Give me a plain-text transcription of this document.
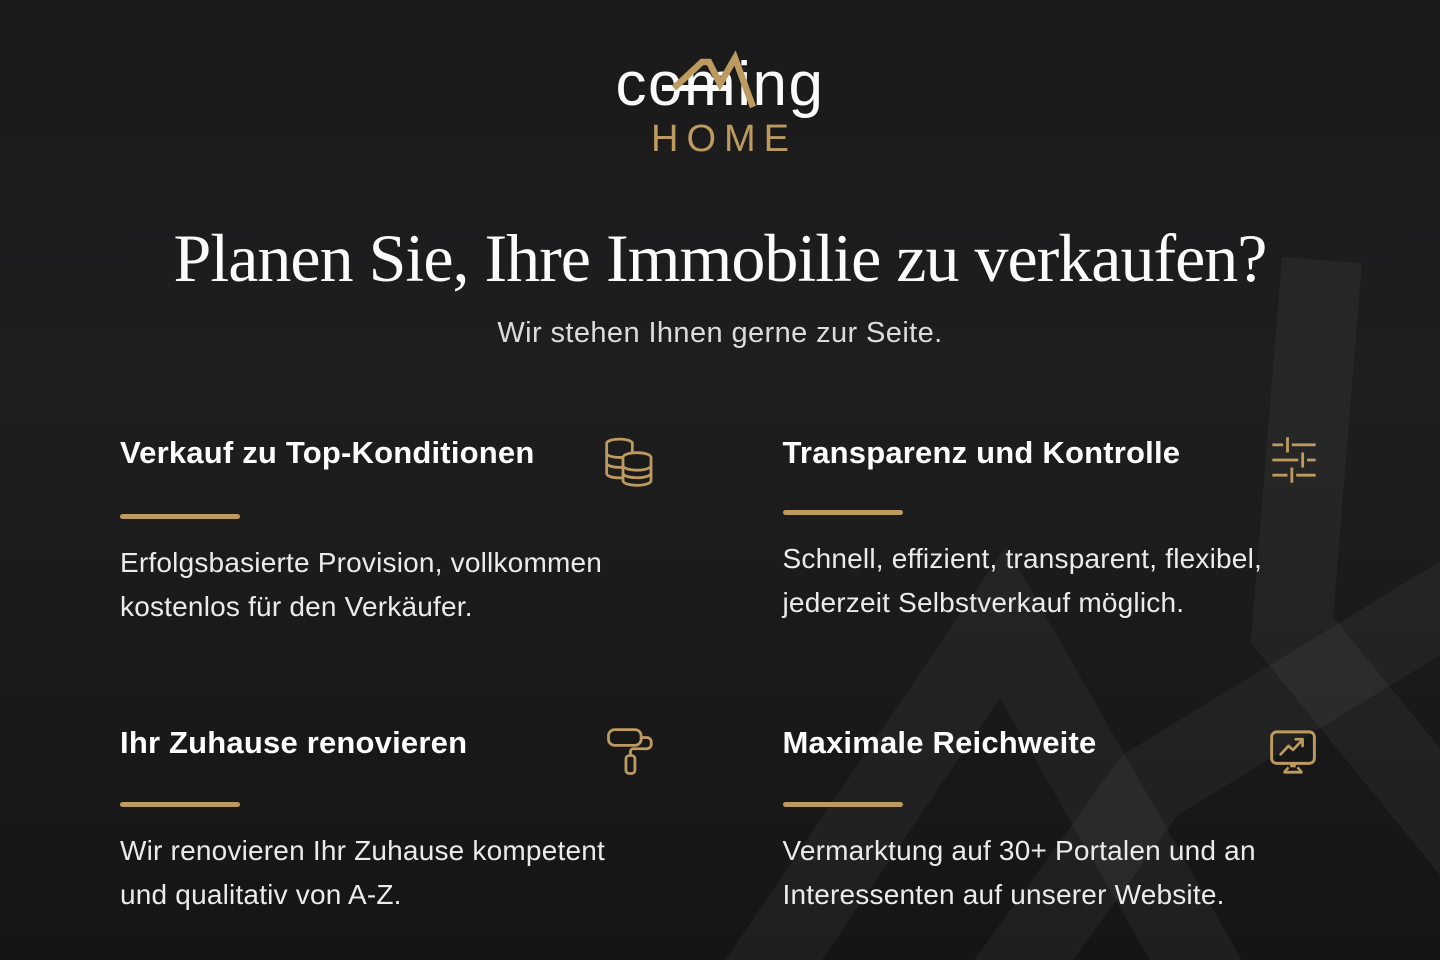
coming
HOME
Planen Sie, Ihre Immobilie zu verkaufen?

Wir stehen Ihnen gerne zur Seite.

Verkauf zu Top-Konditionen

Erfolgsbasierte Provision, vollkommen kostenlos für den Verkäufer.

Transparenz und Kontrolle

Schnell, effizient, transparent, flexibel, jederzeit Selbstverkauf möglich.

Ihr Zuhause renovieren

Wir renovieren Ihr Zuhause kompetent und qualitativ von A-Z.

Maximale Reichweite

Vermarktung auf 30+ Portalen und an Interessenten auf unserer Website.
